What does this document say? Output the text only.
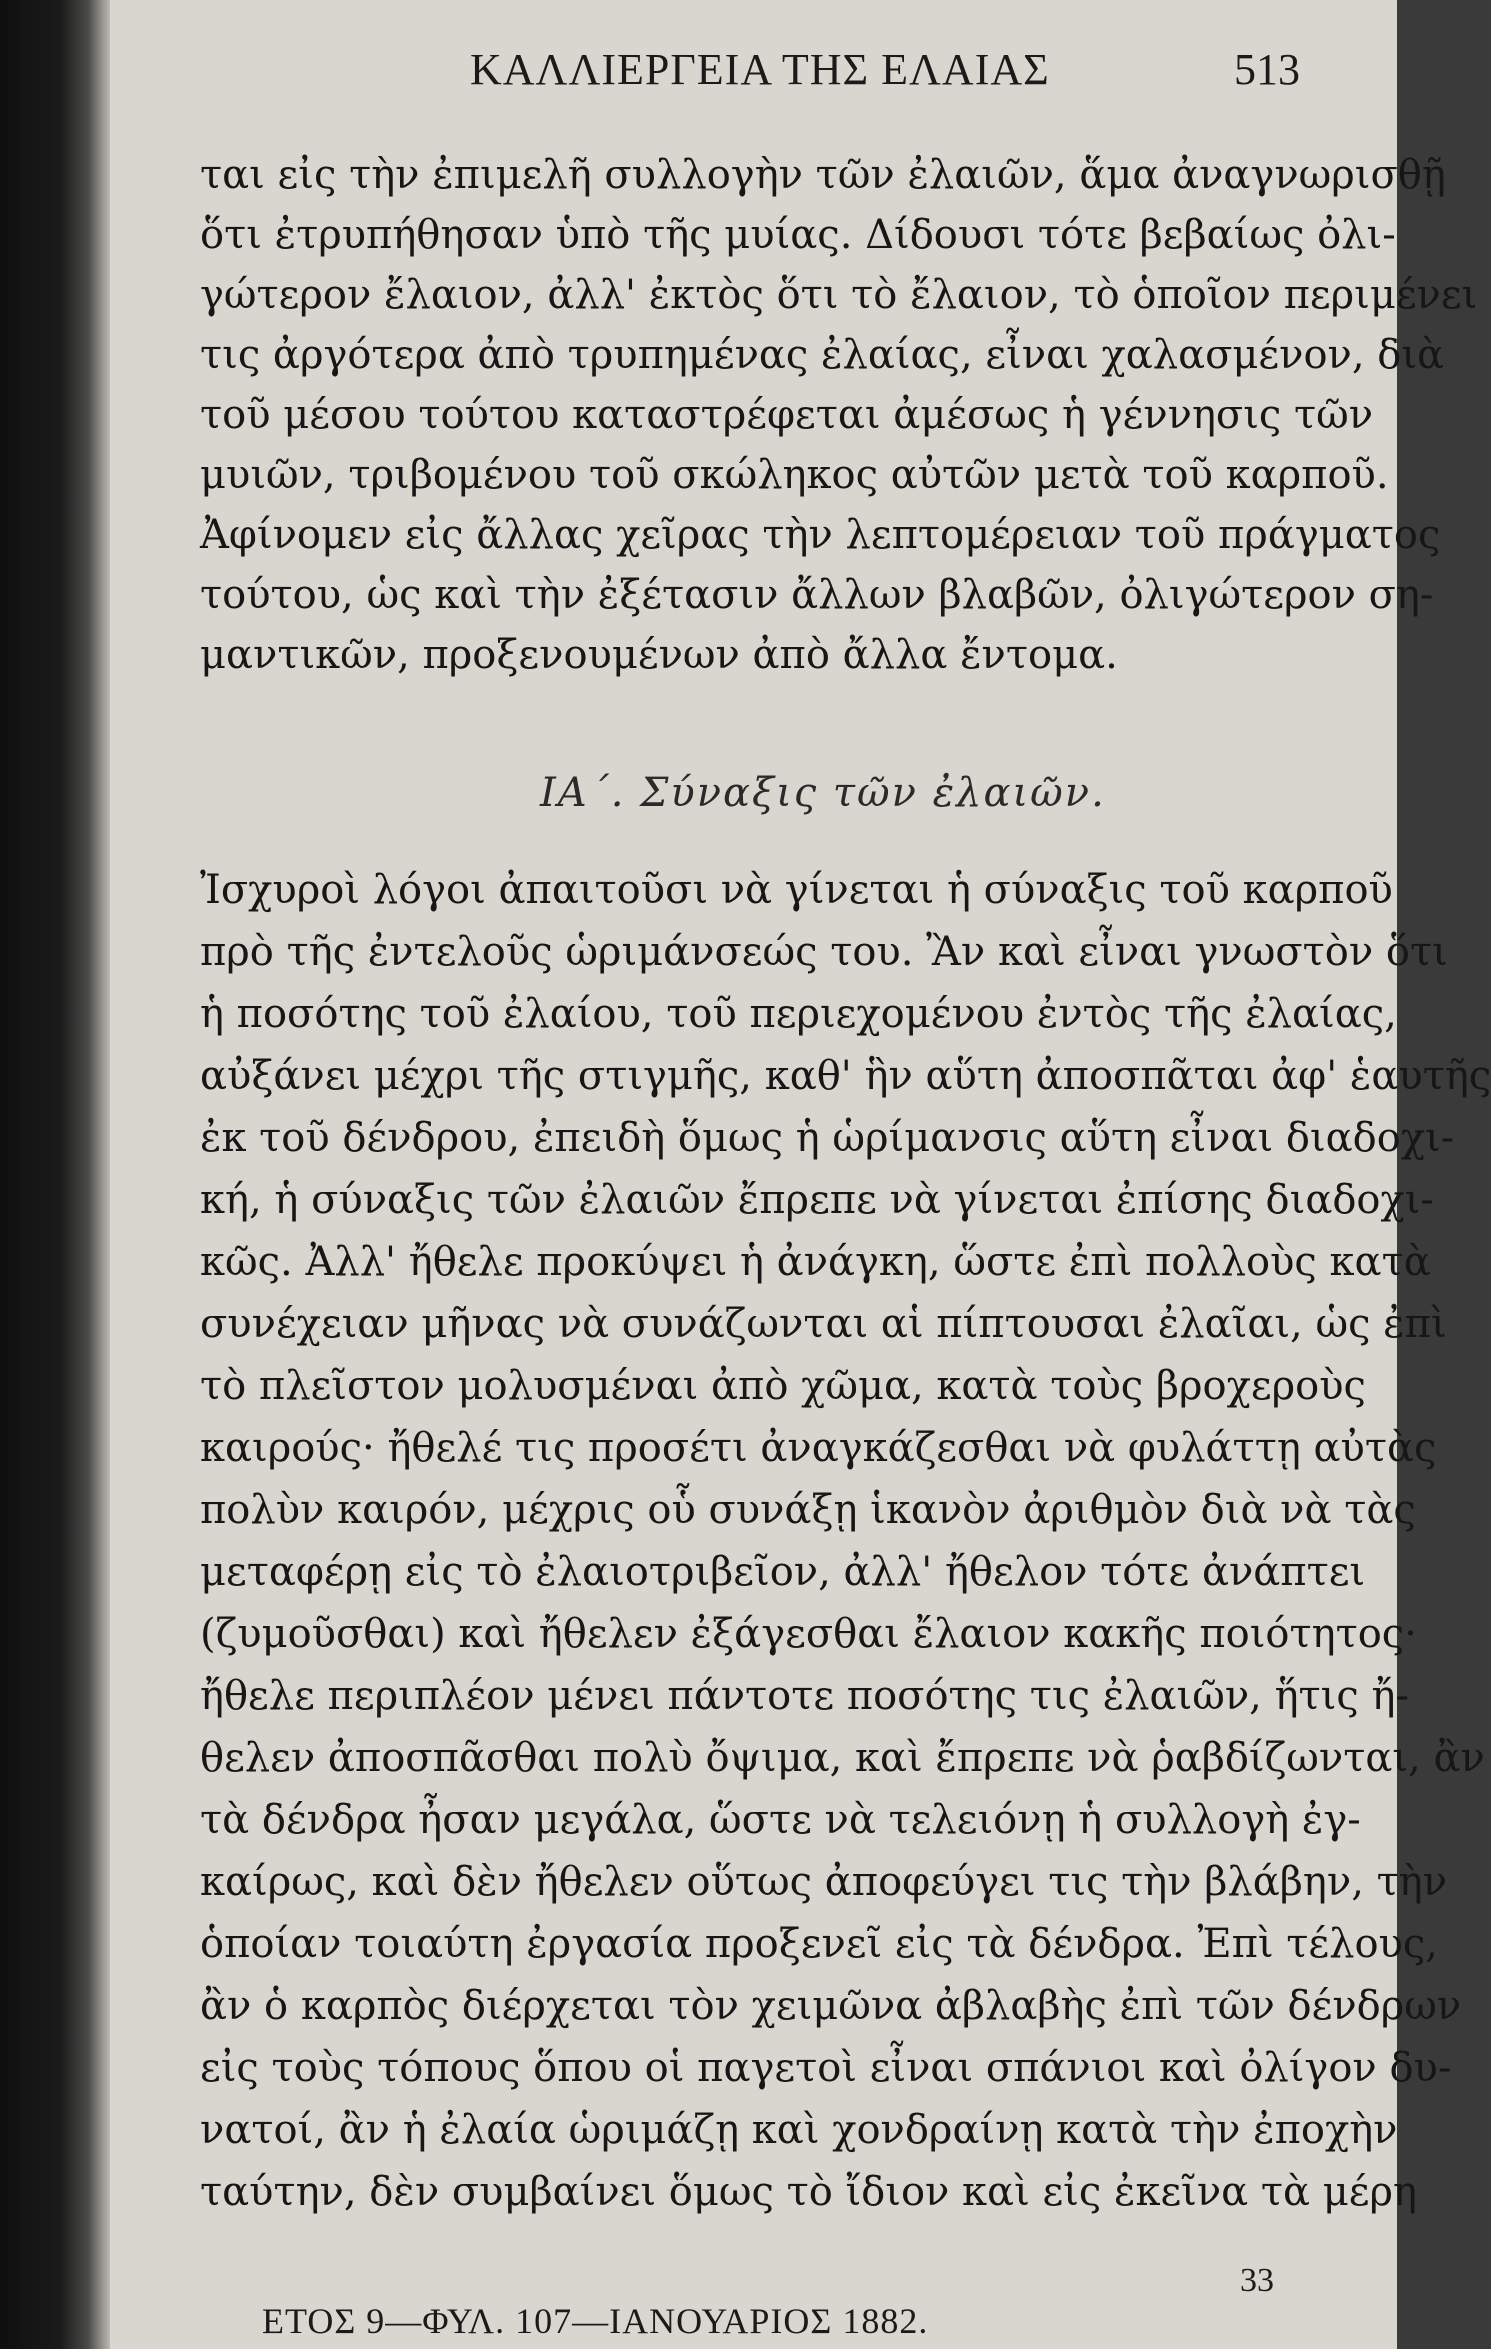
ΚΑΛΛΙΕΡΓΕΙΑ ΤΗΣ ΕΛΑΙΑΣ	513
ται εἰς τὴν ἐπιμελῆ συλλογὴν τῶν ἐλαιῶν, ἅμα ἀναγνωρισθῇ
ὅτι ἐτρυπήθησαν ὑπὸ τῆς μυίας. Δίδουσι τότε βεβαίως ὀλι-
γώτερον ἔλαιον, ἀλλ' ἐκτὸς ὅτι τὸ ἔλαιον, τὸ ὁποῖον περιμένει
τις ἀργότερα ἀπὸ τρυπημένας ἐλαίας, εἶναι χαλασμένον, διὰ
τοῦ μέσου τούτου καταστρέφεται ἀμέσως ἡ γέννησις τῶν
μυιῶν, τριβομένου τοῦ σκώληκος αὐτῶν μετὰ τοῦ καρποῦ.
Ἀφίνομεν εἰς ἄλλας χεῖρας τὴν λεπτομέρειαν τοῦ πράγματος
τούτου, ὡς καὶ τὴν ἐξέτασιν ἄλλων βλαβῶν, ὀλιγώτερον ση-
μαντικῶν, προξενουμένων ἀπὸ ἄλλα ἔντομα.
ΙΑ΄. Σύναξις τῶν ἐλαιῶν.
Ἰσχυροὶ λόγοι ἀπαιτοῦσι νὰ γίνεται ἡ σύναξις τοῦ καρποῦ
πρὸ τῆς ἐντελοῦς ὡριμάνσεώς του. Ἂν καὶ εἶναι γνωστὸν ὅτι
ἡ ποσότης τοῦ ἐλαίου, τοῦ περιεχομένου ἐντὸς τῆς ἐλαίας,
αὐξάνει μέχρι τῆς στιγμῆς, καθ' ἣν αὕτη ἀποσπᾶται ἀφ' ἑαυτῆς
ἐκ τοῦ δένδρου, ἐπειδὴ ὅμως ἡ ὡρίμανσις αὕτη εἶναι διαδοχι-
κή, ἡ σύναξις τῶν ἐλαιῶν ἔπρεπε νὰ γίνεται ἐπίσης διαδοχι-
κῶς. Ἀλλ' ἤθελε προκύψει ἡ ἀνάγκη, ὥστε ἐπὶ πολλοὺς κατὰ
συνέχειαν μῆνας νὰ συνάζωνται αἱ πίπτουσαι ἐλαῖαι, ὡς ἐπὶ
τὸ πλεῖστον μολυσμέναι ἀπὸ χῶμα, κατὰ τοὺς βροχεροὺς
καιρούς· ἤθελέ τις προσέτι ἀναγκάζεσθαι νὰ φυλάττῃ αὐτὰς
πολὺν καιρόν, μέχρις οὗ συνάξῃ ἱκανὸν ἀριθμὸν διὰ νὰ τὰς
μεταφέρῃ εἰς τὸ ἐλαιοτριβεῖον, ἀλλ' ἤθελον τότε ἀνάπτει
(ζυμοῦσθαι) καὶ ἤθελεν ἐξάγεσθαι ἔλαιον κακῆς ποιότητος·
ἤθελε περιπλέον μένει πάντοτε ποσότης τις ἐλαιῶν, ἥτις ἤ-
θελεν ἀποσπᾶσθαι πολὺ ὄψιμα, καὶ ἔπρεπε νὰ ῥαβδίζωνται, ἂν
τὰ δένδρα ἦσαν μεγάλα, ὥστε νὰ τελειόνῃ ἡ συλλογὴ ἐγ-
καίρως, καὶ δὲν ἤθελεν οὕτως ἀποφεύγει τις τὴν βλάβην, τὴν
ὁποίαν τοιαύτη ἐργασία προξενεῖ εἰς τὰ δένδρα. Ἐπὶ τέλους,
ἂν ὁ καρπὸς διέρχεται τὸν χειμῶνα ἀβλαβὴς ἐπὶ τῶν δένδρων
εἰς τοὺς τόπους ὅπου οἱ παγετοὶ εἶναι σπάνιοι καὶ ὀλίγον δυ-
νατοί, ἂν ἡ ἐλαία ὡριμάζῃ καὶ χονδραίνῃ κατὰ τὴν ἐποχὴν
ταύτην, δὲν συμβαίνει ὅμως τὸ ἴδιον καὶ εἰς ἐκεῖνα τὰ μέρη
33
ΕΤΟΣ 9—ΦΥΛ. 107—ΙΑΝΟΥΑΡΙΟΣ 1882.
